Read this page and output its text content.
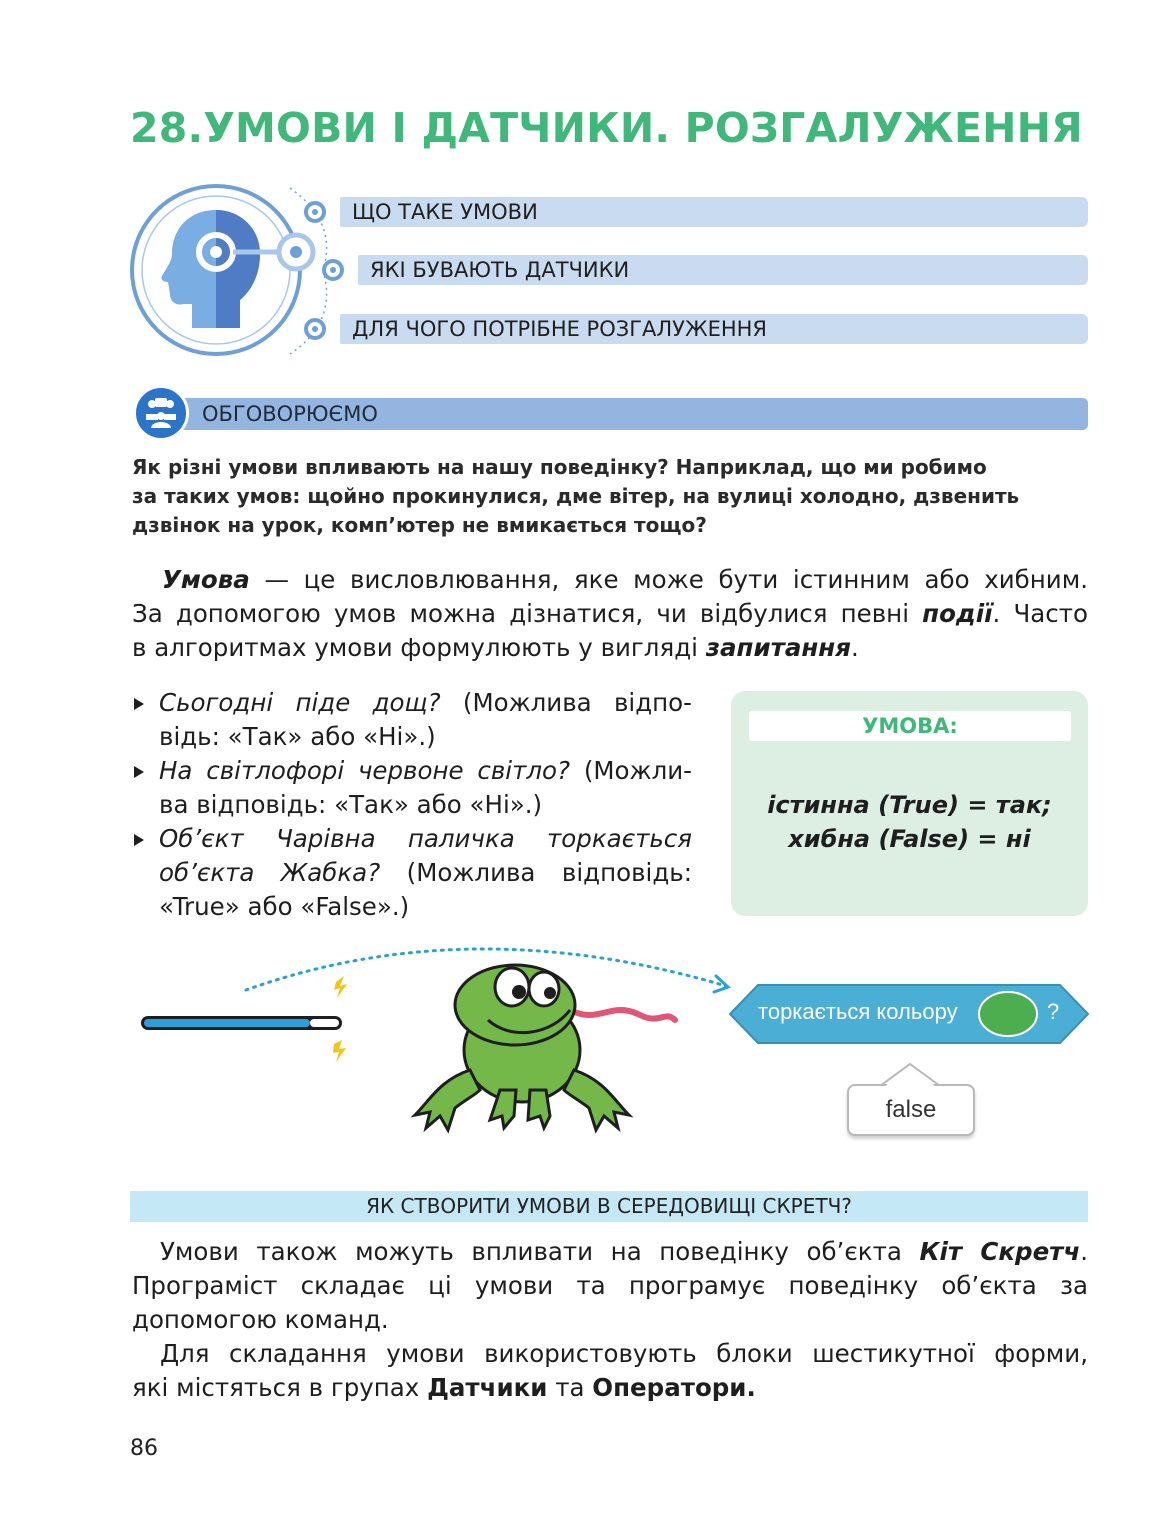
28.УМОВИ І ДАТЧИКИ. РОЗГАЛУЖЕННЯ
ЩО ТАКЕ УМОВИ
ЯКІ БУВАЮТЬ ДАТЧИКИ
ДЛЯ ЧОГО ПОТРІБНЕ РОЗГАЛУЖЕННЯ
ОБГОВОРЮЄМО
Як різні умови впливають на нашу поведінку? Наприклад, що ми робимо
за таких умов: щойно прокинулися, дме вітер, на вулиці холодно, дзвенить
дзвінок на урок, комп’ютер не вмикається тощо?
Умова — це висловлювання, яке може бути істинним або хибним.
За допомогою умов можна дізнатися, чи відбулися певні події. Часто
в алгоритмах умови формулюють у вигляді запитання.
Сьогодні піде дощ? (Можлива відпо-
відь: «Так» або «Ні».)
На світлофорі червоне світло? (Можли-
ва відповідь: «Так» або «Ні».)
Об’єкт Чарівна паличка торкається
об’єкта Жабка? (Можлива відповідь:
«True» або «False».)
УМОВА:
істинна (True) = так;
хибна (False) = ні
торкається кольору	?
false
ЯК СТВОРИТИ УМОВИ В СЕРЕДОВИЩІ СКРЕТЧ?
Умови також можуть впливати на поведінку об’єкта Кіт Скретч.
Програміст складає ці умови та програмує поведінку об’єкта за
допомогою команд.
Для складання умови використовують блоки шестикутної форми,
які містяться в групах Датчики та Оператори.
86
